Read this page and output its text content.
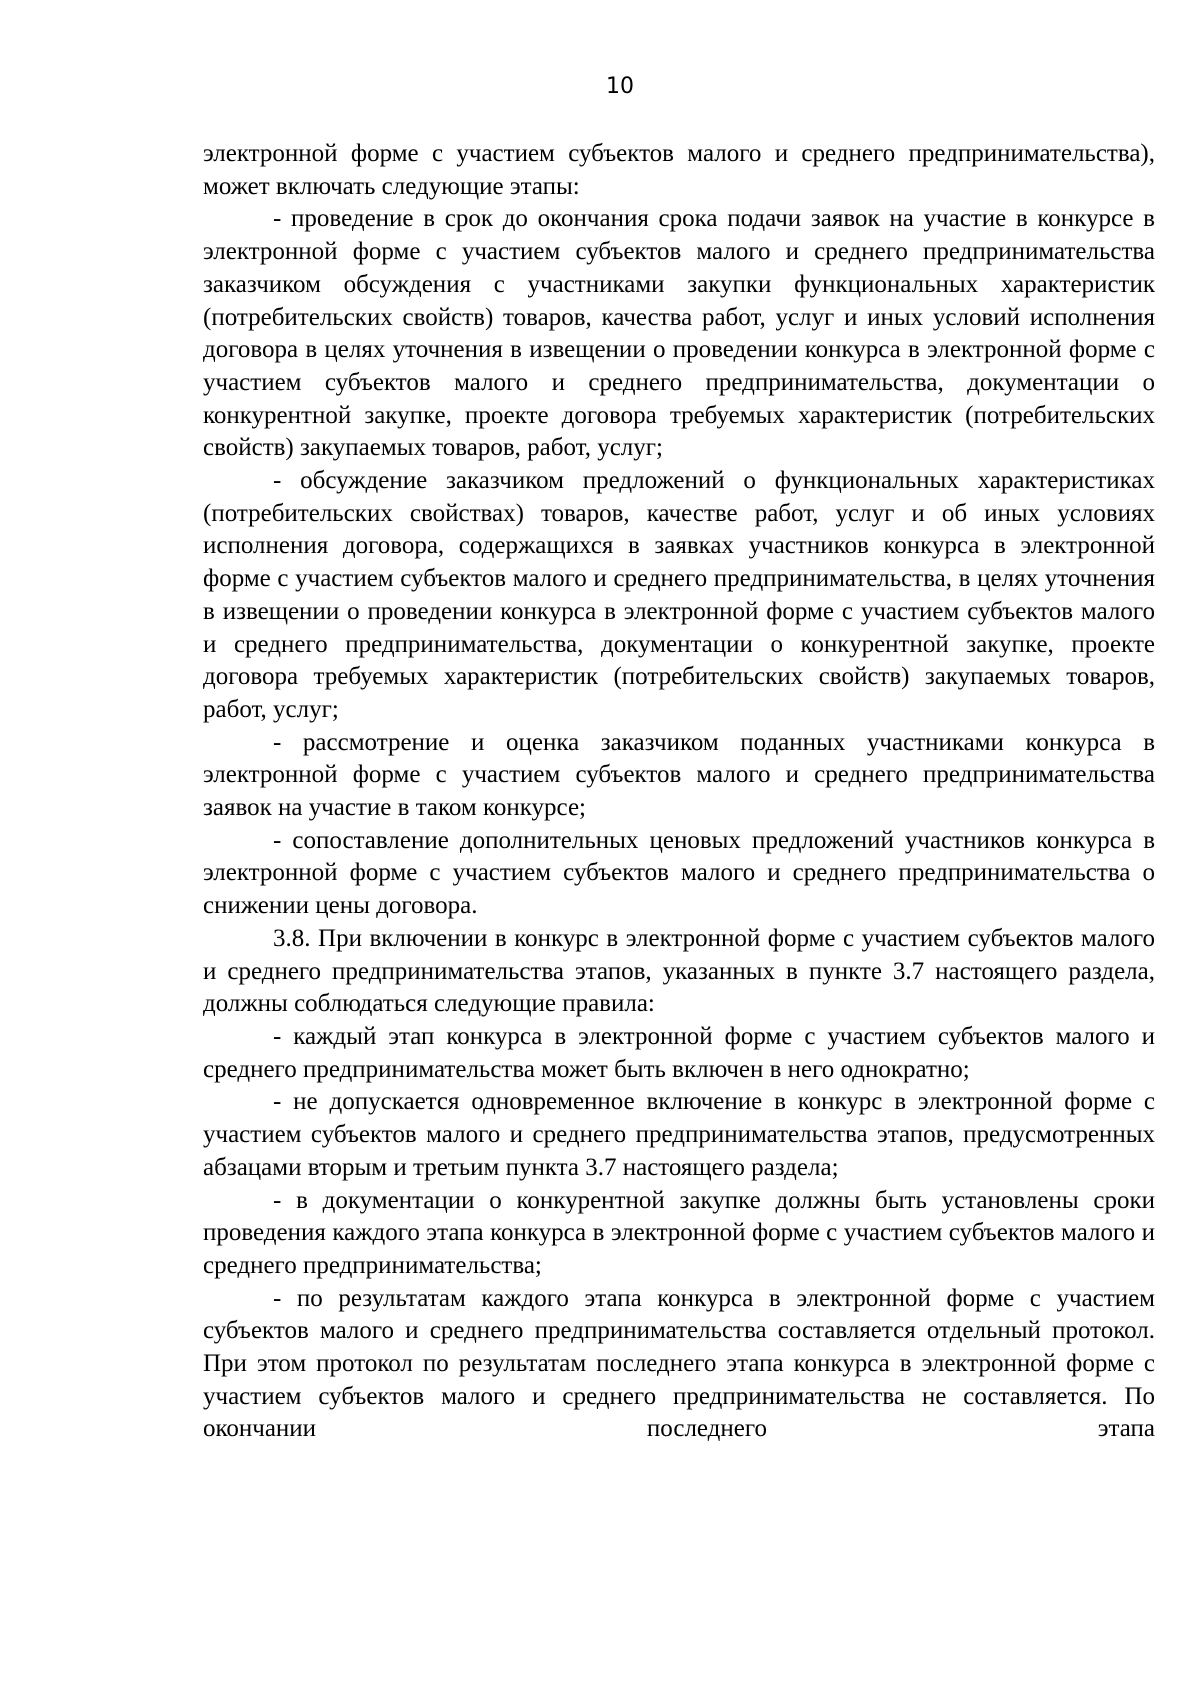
10

электронной форме с участием субъектов малого и среднего предпринимательства), может включать следующие этапы:

- проведение в срок до окончания срока подачи заявок на участие в конкурсе в электронной форме с участием субъектов малого и среднего предпринимательства заказчиком обсуждения с участниками закупки функциональных характеристик (потребительских свойств) товаров, качества работ, услуг и иных условий исполнения договора в целях уточнения в извещении о проведении конкурса в электронной форме с участием субъектов малого и среднего предпринимательства, документации о конкурентной закупке, проекте договора требуемых характеристик (потребительских свойств) закупаемых товаров, работ, услуг;

- обсуждение заказчиком предложений о функциональных характеристиках (потребительских свойствах) товаров, качестве работ, услуг и об иных условиях исполнения договора, содержащихся в заявках участников конкурса в электронной форме с участием субъектов малого и среднего предпринимательства, в целях уточнения в извещении о проведении конкурса в электронной форме с участием субъектов малого и среднего предпринимательства, документации о конкурентной закупке, проекте договора требуемых характеристик (потребительских свойств) закупаемых товаров, работ, услуг;

- рассмотрение и оценка заказчиком поданных участниками конкурса в электронной форме с участием субъектов малого и среднего предпринимательства заявок на участие в таком конкурсе;

- сопоставление дополнительных ценовых предложений участников конкурса в электронной форме с участием субъектов малого и среднего предпринимательства о снижении цены договора.

3.8. При включении в конкурс в электронной форме с участием субъектов малого и среднего предпринимательства этапов, указанных в пункте 3.7 настоящего раздела, должны соблюдаться следующие правила:

- каждый этап конкурса в электронной форме с участием субъектов малого и среднего предпринимательства может быть включен в него однократно;

- не допускается одновременное включение в конкурс в электронной форме с участием субъектов малого и среднего предпринимательства этапов, предусмотренных абзацами вторым и третьим пункта 3.7 настоящего раздела;

- в документации о конкурентной закупке должны быть установлены сроки проведения каждого этапа конкурса в электронной форме с участием субъектов малого и среднего предпринимательства;

- по результатам каждого этапа конкурса в электронной форме с участием субъектов малого и среднего предпринимательства составляется отдельный протокол. При этом протокол по результатам последнего этапа конкурса в электронной форме с участием субъектов малого и среднего предпринимательства не составляется. По окончании последнего этапа
